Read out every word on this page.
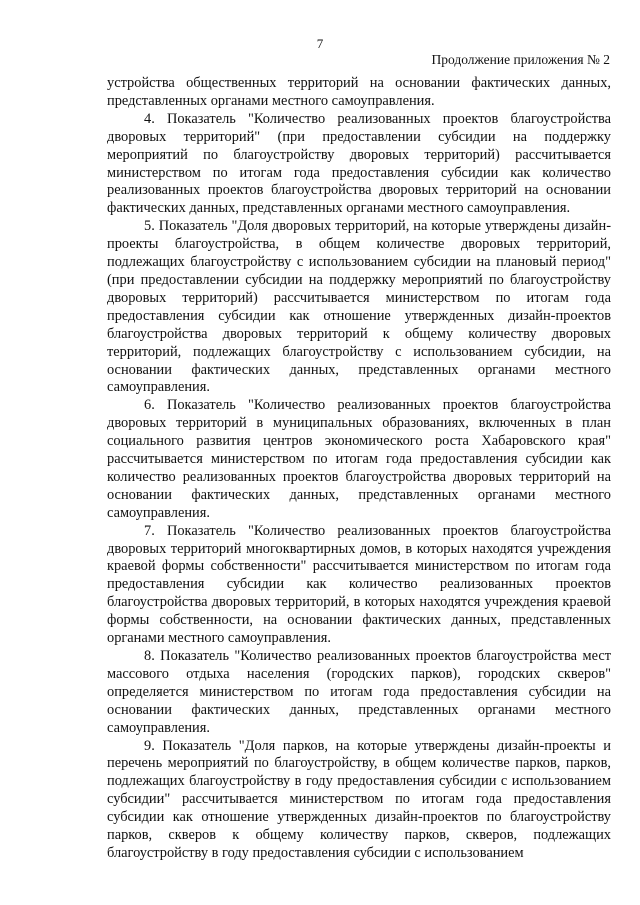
7
Продолжение приложения № 2

устройства общественных территорий на основании фактических данных, представленных органами местного самоуправления.

4. Показатель "Количество реализованных проектов благоустройства дворовых территорий" (при предоставлении субсидии на поддержку мероприятий по благоустройству дворовых территорий) рассчитывается министерством по итогам года предоставления субсидии как количество реализованных проектов благоустройства дворовых территорий на основании фактических данных, представленных органами местного самоуправления.

5. Показатель "Доля дворовых территорий, на которые утверждены дизайн-проекты благоустройства, в общем количестве дворовых территорий, подлежащих благоустройству с использованием субсидии на плановый период" (при предоставлении субсидии на поддержку мероприятий по благоустройству дворовых территорий) рассчитывается министерством по итогам года предоставления субсидии как отношение утвержденных дизайн-проектов благоустройства дворовых территорий к общему количеству дворовых территорий, подлежащих благоустройству с использованием субсидии, на основании фактических данных, представленных органами местного самоуправления.

6. Показатель "Количество реализованных проектов благоустройства дворовых территорий в муниципальных образованиях, включенных в план социального развития центров экономического роста Хабаровского края" рассчитывается министерством по итогам года предоставления субсидии как количество реализованных проектов благоустройства дворовых территорий на основании фактических данных, представленных органами местного самоуправления.

7. Показатель "Количество реализованных проектов благоустройства дворовых территорий многоквартирных домов, в которых находятся учреждения краевой формы собственности" рассчитывается министерством по итогам года предоставления субсидии как количество реализованных проектов благоустройства дворовых территорий, в которых находятся учреждения краевой формы собственности, на основании фактических данных, представленных органами местного самоуправления.

8. Показатель "Количество реализованных проектов благоустройства мест массового отдыха населения (городских парков), городских скверов" определяется министерством по итогам года предоставления субсидии на основании фактических данных, представленных органами местного самоуправления.

9. Показатель "Доля парков, на которые утверждены дизайн-проекты и перечень мероприятий по благоустройству, в общем количестве парков, парков, подлежащих благоустройству в году предоставления субсидии с использованием субсидии" рассчитывается министерством по итогам года предоставления субсидии как отношение утвержденных дизайн-проектов по благоустройству парков, скверов к общему количеству парков, скверов, подлежащих благоустройству в году предоставления субсидии с использованием
